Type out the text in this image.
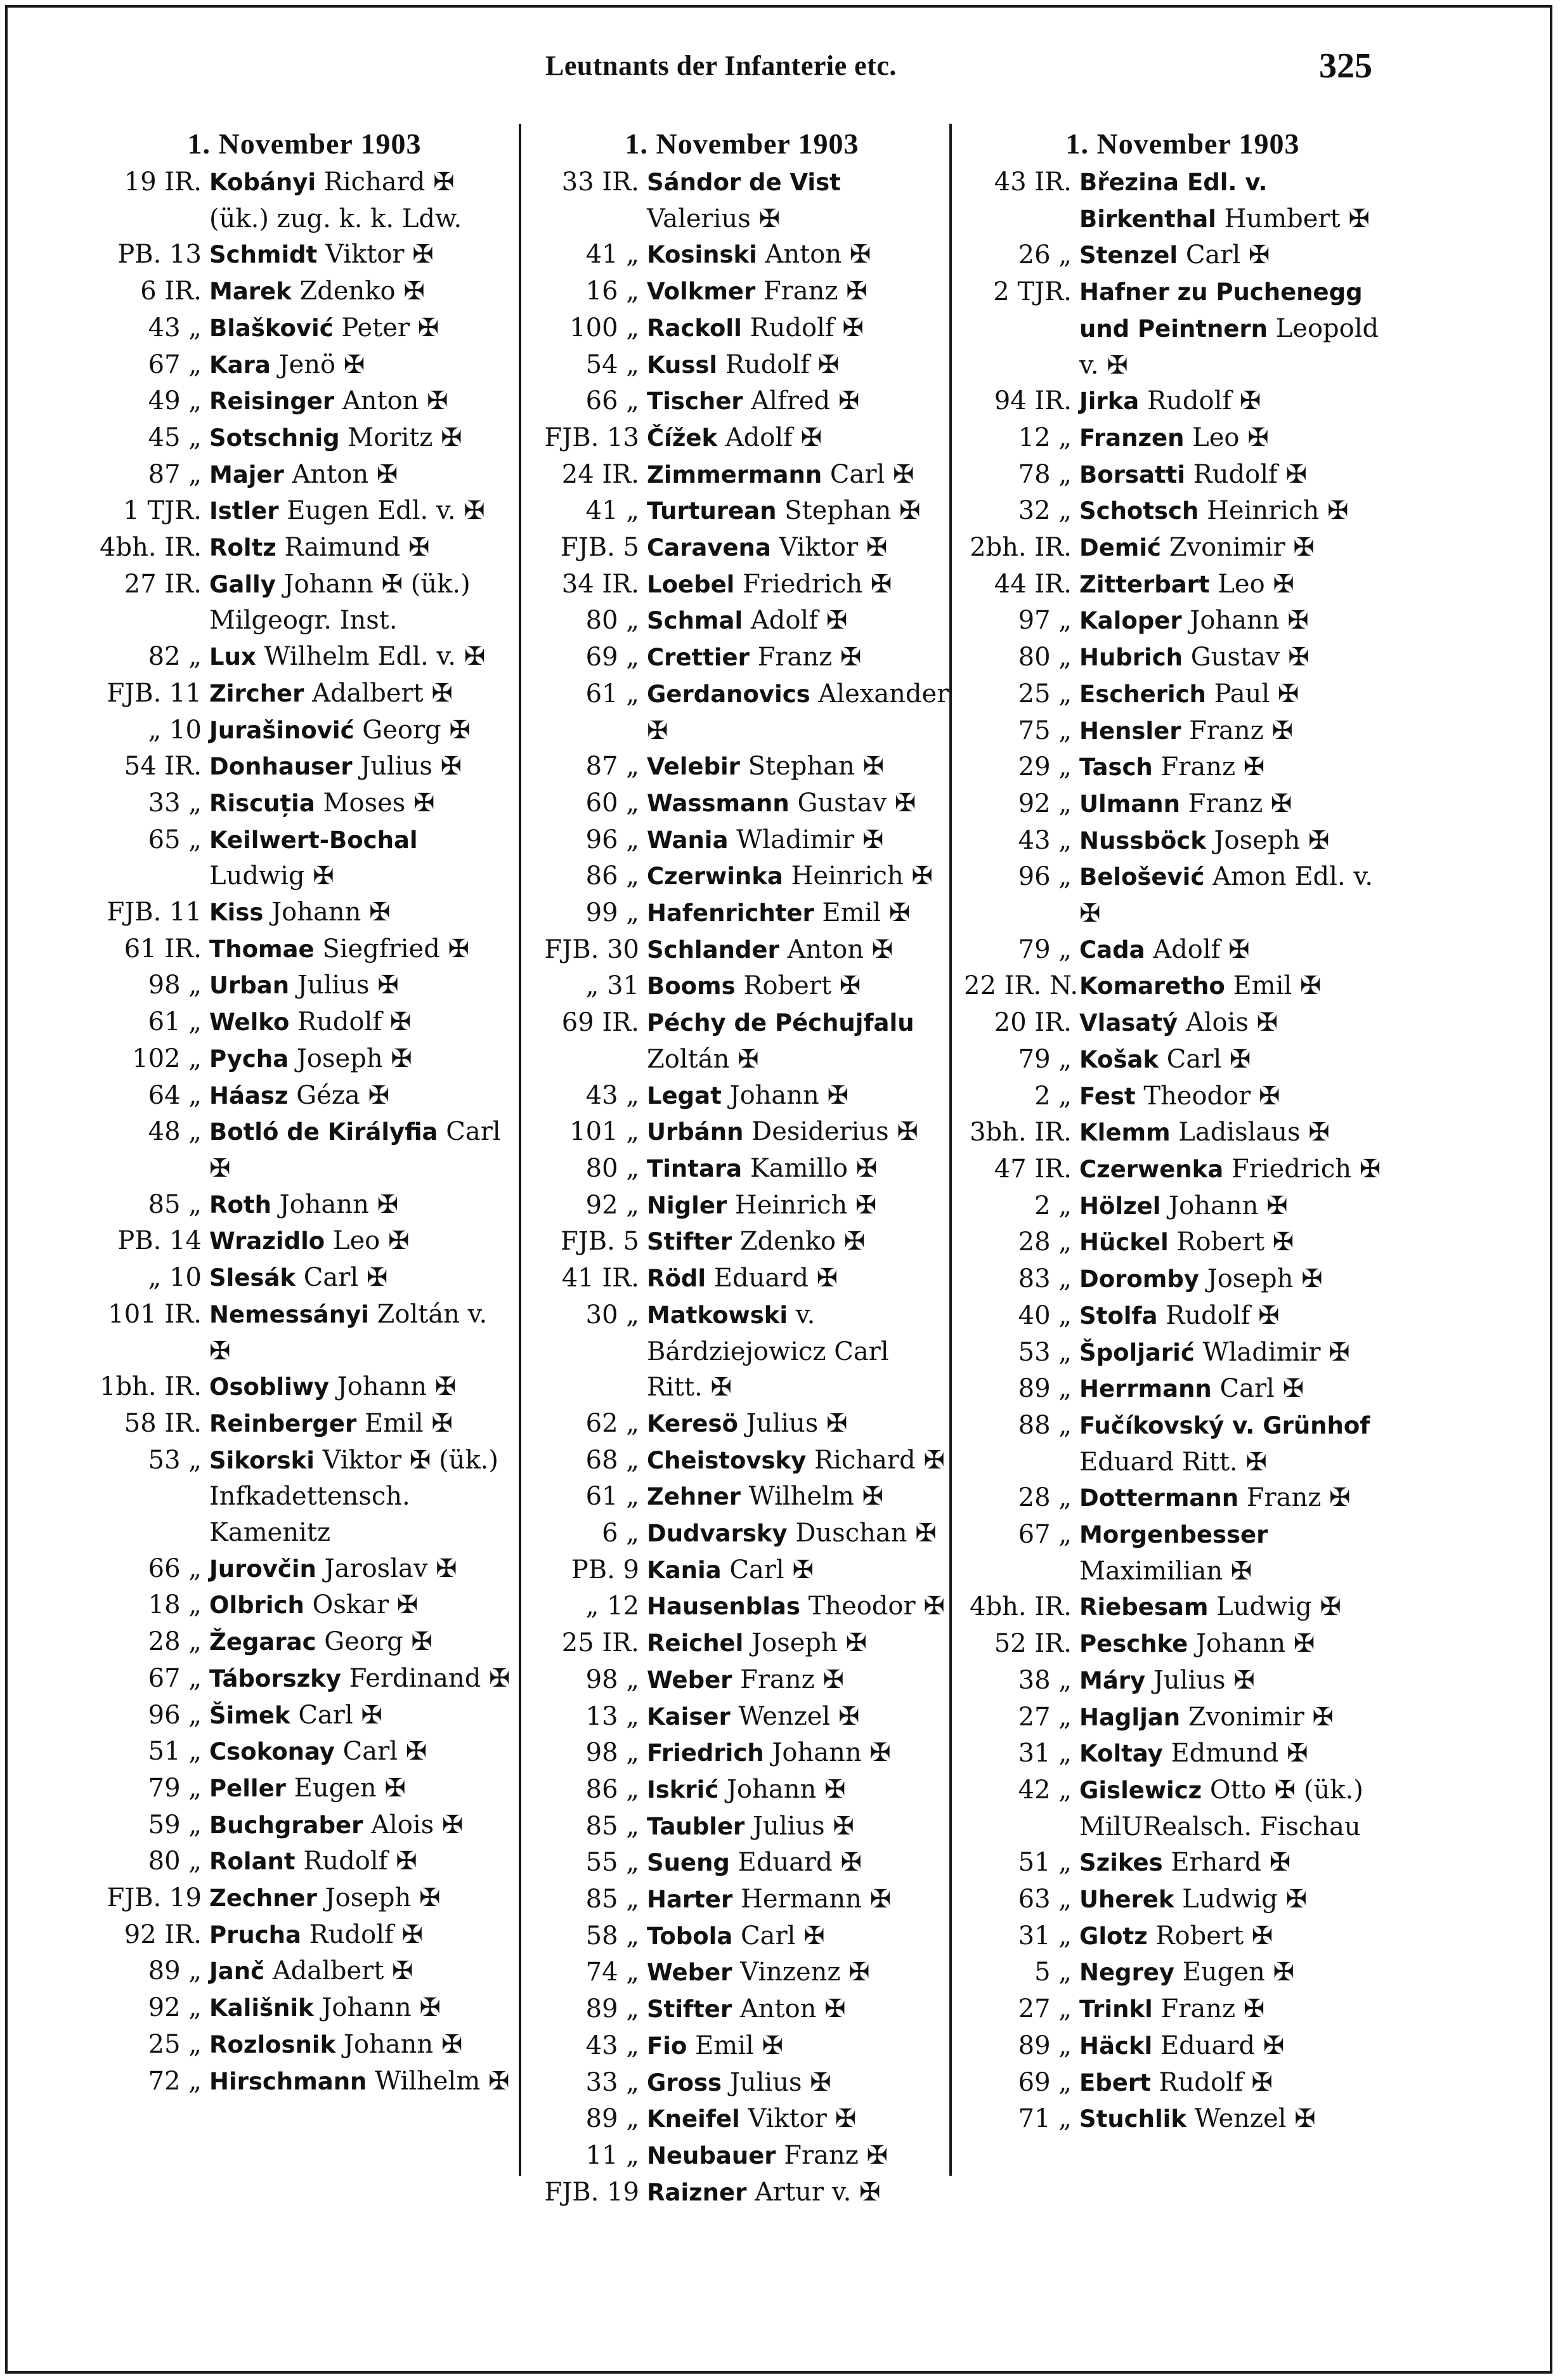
Leutnants der Infanterie etc.	325
1. November 1903
19 IR. Kobányi Richard ✠ (ük.) zug. k. k. Ldw.
PB. 13 Schmidt Viktor ✠
6 IR. Marek Zdenko ✠
43 „ Blašković Peter ✠
67 „ Kara Jenö ✠
49 „ Reisinger Anton ✠
45 „ Sotschnig Moritz ✠
87 „ Majer Anton ✠
1 TJR. Istler Eugen Edl. v. ✠
4bh. IR. Roltz Raimund ✠
27 IR. Gally Johann ✠ (ük.) Milgeogr. Inst.
82 „ Lux Wilhelm Edl. v. ✠
FJB. 11 Zircher Adalbert ✠
„ 10 Jurašinović Georg ✠
54 IR. Donhauser Julius ✠
33 „ Riscuția Moses ✠
65 „ Keilwert-Bochal Ludwig ✠
FJB. 11 Kiss Johann ✠
61 IR. Thomae Siegfried ✠
98 „ Urban Julius ✠
61 „ Welko Rudolf ✠
102 „ Pycha Joseph ✠
64 „ Háasz Géza ✠
48 „ Botló de Királyfia Carl ✠
85 „ Roth Johann ✠
PB. 14 Wrazidlo Leo ✠
„ 10 Slesák Carl ✠
101 IR. Nemessányi Zoltán v. ✠
1bh. IR. Osobliwy Johann ✠
58 IR. Reinberger Emil ✠
53 „ Sikorski Viktor ✠ (ük.) Infkadettensch. Kamenitz
66 „ Jurovčin Jaroslav ✠
18 „ Olbrich Oskar ✠
28 „ Žegarac Georg ✠
67 „ Táborszky Ferdinand ✠
96 „ Šimek Carl ✠
51 „ Csokonay Carl ✠
79 „ Peller Eugen ✠
59 „ Buchgraber Alois ✠
80 „ Rolant Rudolf ✠
FJB. 19 Zechner Joseph ✠
92 IR. Prucha Rudolf ✠
89 „ Janč Adalbert ✠
92 „ Kališnik Johann ✠
25 „ Rozlosnik Johann ✠
72 „ Hirschmann Wilhelm ✠
1. November 1903
33 IR. Sándor de Vist Valerius ✠
41 „ Kosinski Anton ✠
16 „ Volkmer Franz ✠
100 „ Rackoll Rudolf ✠
54 „ Kussl Rudolf ✠
66 „ Tischer Alfred ✠
FJB. 13 Čížek Adolf ✠
24 IR. Zimmermann Carl ✠
41 „ Turturean Stephan ✠
FJB. 5 Caravena Viktor ✠
34 IR. Loebel Friedrich ✠
80 „ Schmal Adolf ✠
69 „ Crettier Franz ✠
61 „ Gerdanovics Alexander ✠
87 „ Velebir Stephan ✠
60 „ Wassmann Gustav ✠
96 „ Wania Wladimir ✠
86 „ Czerwinka Heinrich ✠
99 „ Hafenrichter Emil ✠
FJB. 30 Schlander Anton ✠
„ 31 Booms Robert ✠
69 IR. Péchy de Péchujfalu Zoltán ✠
43 „ Legat Johann ✠
101 „ Urbánn Desiderius ✠
80 „ Tintara Kamillo ✠
92 „ Nigler Heinrich ✠
FJB. 5 Stifter Zdenko ✠
41 IR. Rödl Eduard ✠
30 „ Matkowski v. Bárdziejowicz Carl Ritt. ✠
62 „ Keresö Julius ✠
68 „ Cheistovsky Richard ✠
61 „ Zehner Wilhelm ✠
6 „ Dudvarsky Duschan ✠
PB. 9 Kania Carl ✠
„ 12 Hausenblas Theodor ✠
25 IR. Reichel Joseph ✠
98 „ Weber Franz ✠
13 „ Kaiser Wenzel ✠
98 „ Friedrich Johann ✠
86 „ Iskrić Johann ✠
85 „ Taubler Julius ✠
55 „ Sueng Eduard ✠
85 „ Harter Hermann ✠
58 „ Tobola Carl ✠
74 „ Weber Vinzenz ✠
89 „ Stifter Anton ✠
43 „ Fio Emil ✠
33 „ Gross Julius ✠
89 „ Kneifel Viktor ✠
11 „ Neubauer Franz ✠
FJB. 19 Raizner Artur v. ✠
1. November 1903
43 IR. Březina Edl. v. Birkenthal Humbert ✠
26 „ Stenzel Carl ✠
2 TJR. Hafner zu Puchenegg und Peintnern Leopold v. ✠
94 IR. Jirka Rudolf ✠
12 „ Franzen Leo ✠
78 „ Borsatti Rudolf ✠
32 „ Schotsch Heinrich ✠
2bh. IR. Demić Zvonimir ✠
44 IR. Zitterbart Leo ✠
97 „ Kaloper Johann ✠
80 „ Hubrich Gustav ✠
25 „ Escherich Paul ✠
75 „ Hensler Franz ✠
29 „ Tasch Franz ✠
92 „ Ulmann Franz ✠
43 „ Nussböck Joseph ✠
96 „ Belošević Amon Edl. v. ✠
79 „ Cada Adolf ✠
22 IR. N. Komaretho Emil ✠
20 IR. Vlasatý Alois ✠
79 „ Košak Carl ✠
2 „ Fest Theodor ✠
3bh. IR. Klemm Ladislaus ✠
47 IR. Czerwenka Friedrich ✠
2 „ Hölzel Johann ✠
28 „ Hückel Robert ✠
83 „ Doromby Joseph ✠
40 „ Stolfa Rudolf ✠
53 „ Špoljarić Wladimir ✠
89 „ Herrmann Carl ✠
88 „ Fučíkovský v. Grünhof Eduard Ritt. ✠
28 „ Dottermann Franz ✠
67 „ Morgenbesser Maximilian ✠
4bh. IR. Riebesam Ludwig ✠
52 IR. Peschke Johann ✠
38 „ Máry Julius ✠
27 „ Hagljan Zvonimir ✠
31 „ Koltay Edmund ✠
42 „ Gislewicz Otto ✠ (ük.) MilURealsch. Fischau
51 „ Szikes Erhard ✠
63 „ Uherek Ludwig ✠
31 „ Glotz Robert ✠
5 „ Negrey Eugen ✠
27 „ Trinkl Franz ✠
89 „ Häckl Eduard ✠
69 „ Ebert Rudolf ✠
71 „ Stuchlik Wenzel ✠
